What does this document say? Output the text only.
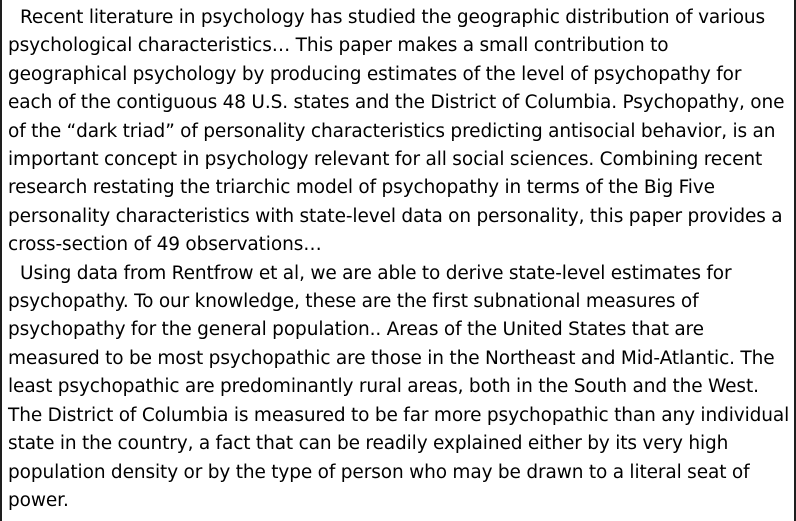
Recent literature in psychology has studied the geographic distribution of various psychological characteristics… This paper makes a small contribution to geographical psychology by producing estimates of the level of psychopathy for each of the contiguous 48 U.S. states and the District of Columbia. Psychopathy, one of the “dark triad” of personality characteristics predicting antisocial behavior, is an important concept in psychology relevant for all social sciences. Combining recent research restating the triarchic model of psychopathy in terms of the Big Five personality characteristics with state-level data on personality, this paper provides a cross-section of 49 observations…

Using data from Rentfrow et al, we are able to derive state-level estimates for psychopathy. To our knowledge, these are the first subnational measures of psychopathy for the general population.. Areas of the United States that are measured to be most psychopathic are those in the Northeast and Mid-Atlantic. The least psychopathic are predominantly rural areas, both in the South and the West. The District of Columbia is measured to be far more psychopathic than any individual state in the country, a fact that can be readily explained either by its very high population density or by the type of person who may be drawn to a literal seat of power.
